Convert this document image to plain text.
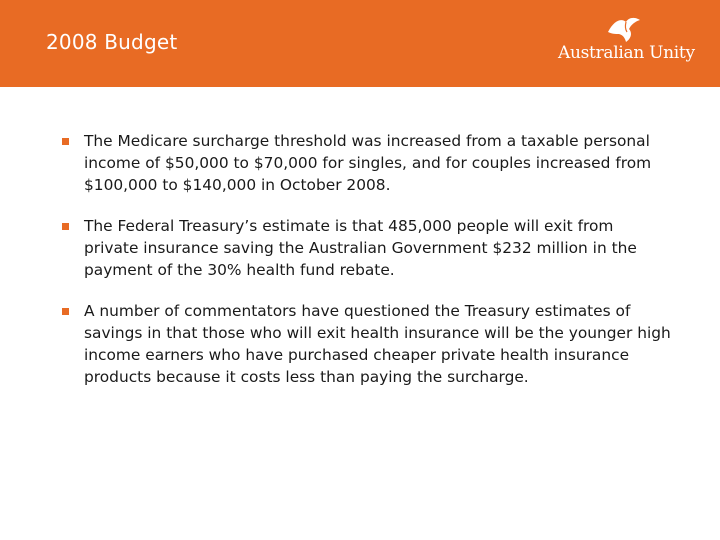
2008 Budget	Australian Unity
The Medicare surcharge threshold was increased from a taxable personal income of $50,000 to $70,000 for singles, and for couples increased from $100,000 to $140,000 in October 2008.
The Federal Treasury’s estimate is that 485,000 people will exit from private insurance saving the Australian Government $232 million in the payment of the 30% health fund rebate.
A number of commentators have questioned the Treasury estimates of savings in that those who will exit health insurance will be the younger high income earners who have purchased cheaper private health insurance products because it costs less than paying the surcharge.
